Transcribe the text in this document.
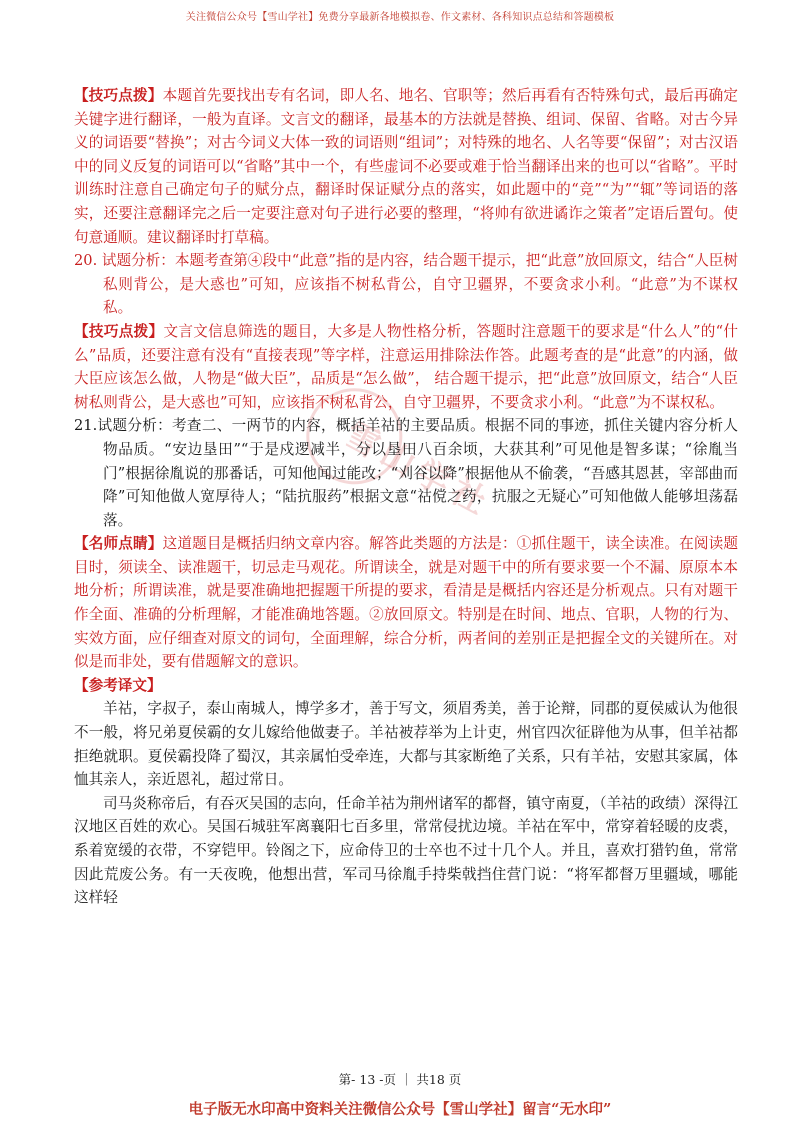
关注微信公众号【雪山学社】免费分享最新各地模拟卷、作文素材、各科知识点总结和答题模板
雪山学社

【技巧点拨】本题首先要找出专有名词，即人名、地名、官职等；然后再看有否特殊句式，最后再确定关键字进行翻译，一般为直译。文言文的翻译，最基本的方法就是替换、组词、保留、省略。对古今异义的词语要“替换”；对古今词义大体一致的词语则“组词”；对特殊的地名、人名等要“保留”；对古汉语中的同义反复的词语可以“省略”其中一个，有些虚词不必要或难于恰当翻译出来的也可以“省略”。平时训练时注意自己确定句子的赋分点，翻译时保证赋分点的落实，如此题中的“竞”“为”“辄”等词语的落实，还要注意翻译完之后一定要注意对句子进行必要的整理，“将帅有欲进谲诈之策者”定语后置句。使句意通顺。建议翻译时打草稿。

20. 试题分析：本题考查第④段中“此意”指的是内容，结合题干提示，把“此意”放回原文，结合“人臣树私则背公，是大惑也”可知，应该指不树私背公，自守卫疆界，不要贪求小利。“此意”为不谋权私。

【技巧点拨】文言文信息筛选的题目，大多是人物性格分析，答题时注意题干的要求是“什么人”的“什么”品质，还要注意有没有“直接表现”等字样，注意运用排除法作答。此题考查的是“此意”的内涵，做大臣应该怎么做，人物是“做大臣”，品质是“怎么做”， 结合题干提示，把“此意”放回原文，结合“人臣树私则背公，是大惑也”可知，应该指不树私背公，自守卫疆界，不要贪求小利。“此意”为不谋权私。

21.试题分析：考查二、一两节的内容，概括羊祜的主要品质。根据不同的事迹，抓住关键内容分析人物品质。“安边垦田”“于是戍逻减半，分以垦田八百余顷，大获其利”可见他是智多谋；“徐胤当门”根据徐胤说的那番话，可知他闻过能改；“刈谷以降”根据他从不偷袭，“吾感其恩甚，宰部曲而降”可知他做人宽厚待人；“陆抗服药”根据文意“祜傥之药，抗服之无疑心”可知他做人能够坦荡磊落。

【名师点睛】这道题目是概括归纳文章内容。解答此类题的方法是：①抓住题干，读全读准。在阅读题目时，须读全、读准题干，切忌走马观花。所谓读全，就是对题干中的所有要求要一个不漏、原原本本地分析；所谓读准，就是要准确地把握题干所提的要求，看清是是概括内容还是分析观点。只有对题干作全面、准确的分析理解，才能准确地答题。②放回原文。特别是在时间、地点、官职，人物的行为、实效方面，应仔细查对原文的词句，全面理解，综合分析，两者间的差别正是把握全文的关键所在。对似是而非处，要有借题解文的意识。

【参考译文】

羊祜，字叔子，泰山南城人，博学多才，善于写文，须眉秀美，善于论辩，同郡的夏侯威认为他很不一般，将兄弟夏侯霸的女儿嫁给他做妻子。羊祜被荐举为上计吏，州官四次征辟他为从事，但羊祜都拒绝就职。夏侯霸投降了蜀汉，其亲属怕受牵连，大都与其家断绝了关系，只有羊祜，安慰其家属，体恤其亲人，亲近恩礼，超过常日。

司马炎称帝后，有吞灭吴国的志向，任命羊祜为荆州诸军的都督，镇守南夏，（羊祜的政绩）深得江汉地区百姓的欢心。吴国石城驻军离襄阳七百多里，常常侵扰边境。羊祜在军中，常穿着轻暖的皮裘，系着宽缓的衣带，不穿铠甲。铃阁之下，应命侍卫的士卒也不过十几个人。并且，喜欢打猎钓鱼，常常因此荒废公务。有一天夜晚，他想出营，军司马徐胤手持柴戟挡住营门说：“将军都督万里疆域，哪能这样轻

第- 13 -页 ｜ 共18 页
电子版无水印高中资料关注微信公众号【雪山学社】留言“无水印”
